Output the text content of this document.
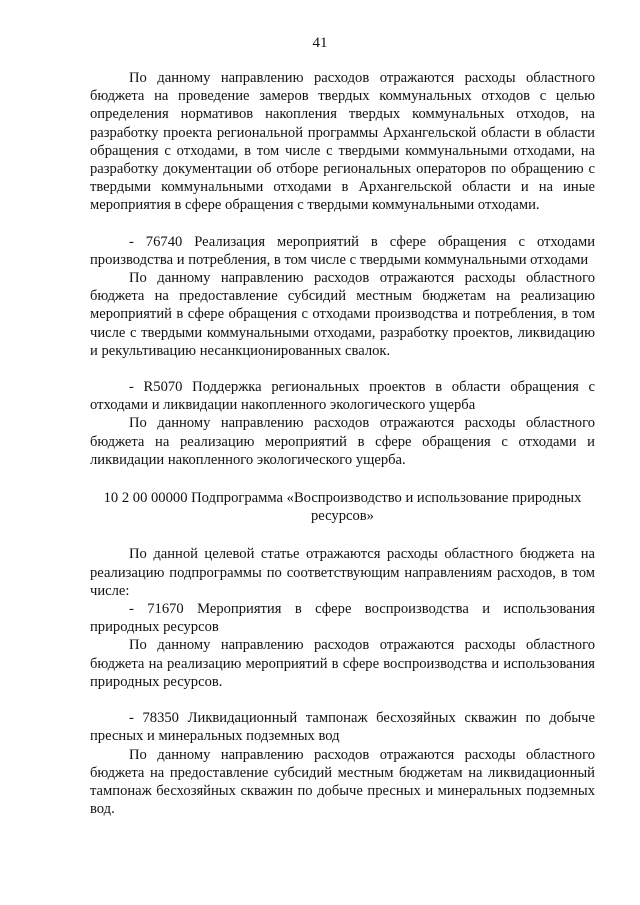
41

По данному направлению расходов отражаются расходы областного бюджета на проведение замеров твердых коммунальных отходов с целью определения нормативов накопления твердых коммунальных отходов, на разработку проекта региональной программы Архангельской области в области обращения с отходами, в том числе с твердыми коммунальными отходами, на разработку документации об отборе региональных операторов по обращению с твердыми коммунальными отходами в Архангельской области и на иные мероприятия в сфере обращения с твердыми коммунальными отходами.

- 76740 Реализация мероприятий в сфере обращения с отходами производства и потребления, в том числе с твердыми коммунальными отходами

По данному направлению расходов отражаются расходы областного бюджета на предоставление субсидий местным бюджетам на реализацию мероприятий в сфере обращения с отходами производства и потребления, в том числе с твердыми коммунальными отходами, разработку проектов, ликвидацию и рекультивацию несанкционированных свалок.

- R5070 Поддержка региональных проектов в области обращения с отходами и ликвидации накопленного экологического ущерба

По данному направлению расходов отражаются расходы областного бюджета на реализацию мероприятий в сфере обращения с отходами и ликвидации накопленного экологического ущерба.

10 2 00 00000 Подпрограмма «Воспроизводство и использование природных ресурсов»

По данной целевой статье отражаются расходы областного бюджета на реализацию подпрограммы по соответствующим направлениям расходов, в том числе:

- 71670 Мероприятия в сфере воспроизводства и использования природных ресурсов

По данному направлению расходов отражаются расходы областного бюджета на реализацию мероприятий в сфере воспроизводства и использования природных ресурсов.

- 78350 Ликвидационный тампонаж бесхозяйных скважин по добыче пресных и минеральных подземных вод

По данному направлению расходов отражаются расходы областного бюджета на предоставление субсидий местным бюджетам на ликвидационный тампонаж бесхозяйных скважин по добыче пресных и минеральных подземных вод.
